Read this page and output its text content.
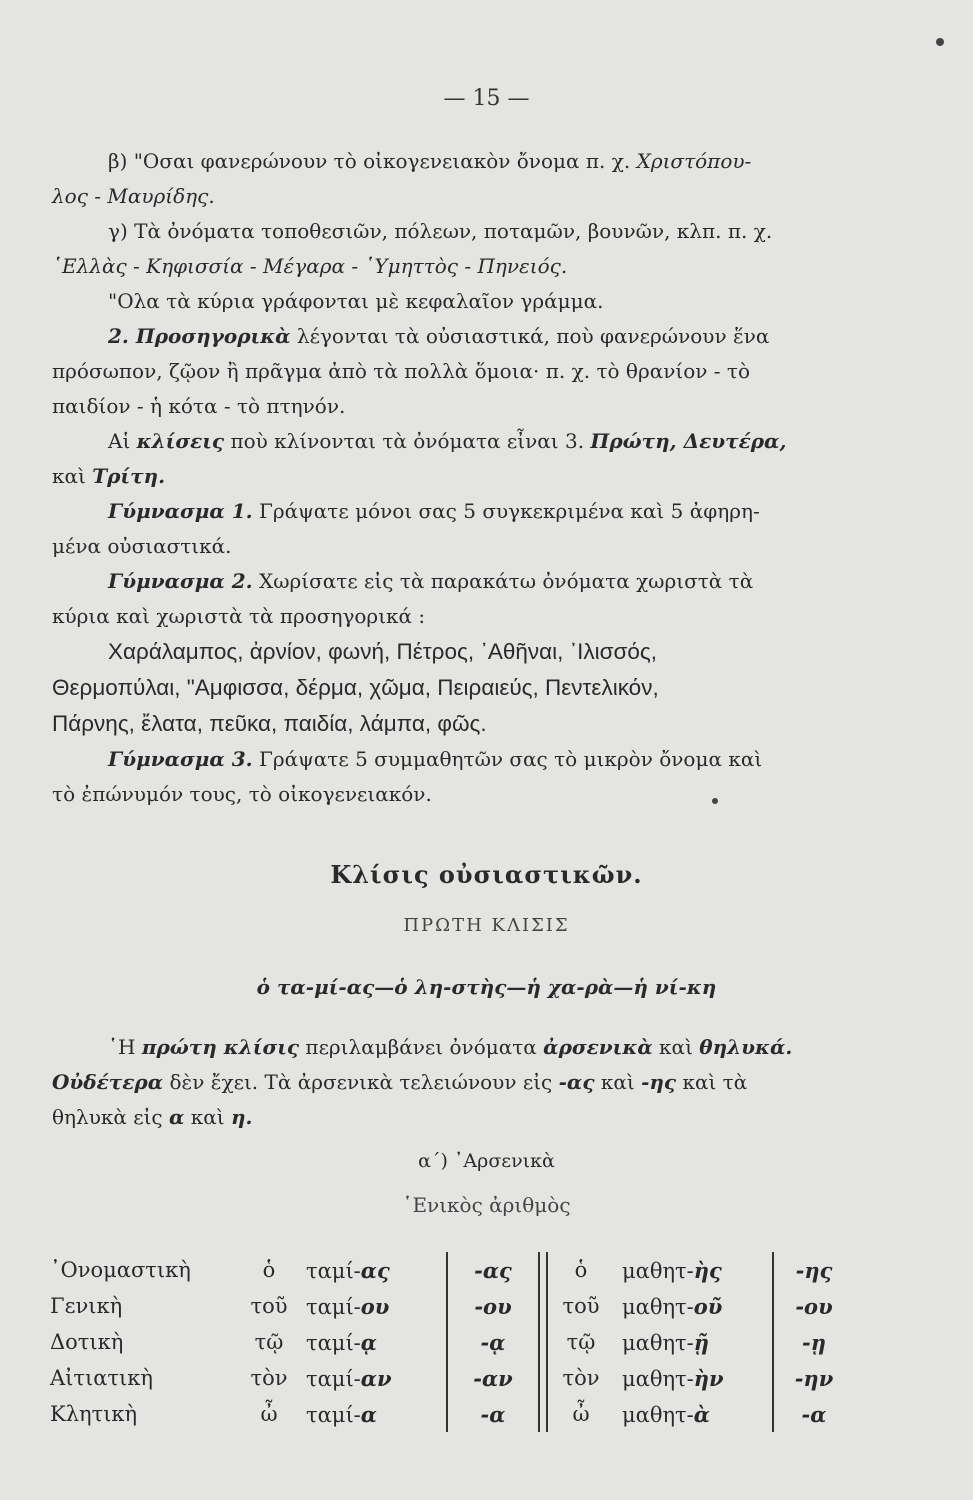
— 15 —
β) "Οσαι φανερώνουν τὸ οἰκογενειακὸν ὄνομα π. χ. Χριστόπου-
λος - Μαυρίδης.
γ) Τὰ ὀνόματα τοποθεσιῶν, πόλεων, ποταμῶν, βουνῶν, κλπ. π. χ.
῾Ελλὰς - Κηφισσία - Μέγαρα - ῾Υμηττὸς - Πηνειός.
"Ολα τὰ κύρια γράφονται μὲ κεφαλαῖον γράμμα.
2. Προσηγορικὰ λέγονται τὰ οὐσιαστικά, ποὺ φανερώνουν ἕνα
πρόσωπον, ζῷον ἢ πρᾶγμα ἀπὸ τὰ πολλὰ ὅμοια· π. χ. τὸ θρανίον - τὸ
παιδίον - ἡ κότα - τὸ πτηνόν.
Αἱ κλίσεις ποὺ κλίνονται τὰ ὀνόματα εἶναι 3. Πρώτη, Δευτέρα,
καὶ Τρίτη.
Γύμνασμα 1. Γράψατε μόνοι σας 5 συγκεκριμένα καὶ 5 ἀφηρη-
μένα οὐσιαστικά.
Γύμνασμα 2. Χωρίσατε εἰς τὰ παρακάτω ὀνόματα χωριστὰ τὰ
κύρια καὶ χωριστὰ τὰ προσηγορικά :
Χαράλαμπος, ἀρνίον, φωνή, Πέτρος, ᾿Αθῆναι, ᾿Ιλισσός,
Θερμοπύλαι, "Αμφισσα, δέρμα, χῶμα, Πειραιεύς, Πεντελικόν,
Πάρνης, ἔλατα, πεῦκα, παιδία, λάμπα, φῶς.
Γύμνασμα 3. Γράψατε 5 συμμαθητῶν σας τὸ μικρὸν ὄνομα καὶ
τὸ ἐπώνυμόν τους, τὸ οἰκογενειακόν.
Κλίσις οὐσιαστικῶν.
ΠΡΩΤΗ ΚΛΙΣΙΣ
ὁ τα-μί-ας—ὁ λη-στὴς—ἡ χα-ρὰ—ἡ νί-κη
῾Η πρώτη κλίσις περιλαμβάνει ὀνόματα ἀρσενικὰ καὶ θηλυκά.
Οὐδέτερα δὲν ἔχει. Τὰ ἀρσενικὰ τελειώνουν εἰς -ας καὶ -ης καὶ τὰ
θηλυκὰ εἰς α καὶ η.
α΄) ᾿Αρσενικὰ
῾Ενικὸς ἀριθμὸς
᾿Ονομαστικὴ	ὁ	ταμί-ας	-ας		ὁ	μαθητ-ὴς	-ης
Γενικὴ	τοῦ	ταμί-ου	-ου		τοῦ	μαθητ-οῦ	-ου
Δοτικὴ	τῷ	ταμί-ᾳ	-ᾳ		τῷ	μαθητ-ῇ	-ῃ
Αἰτιατικὴ	τὸν	ταμί-αν	-αν		τὸν	μαθητ-ὴν	-ην
Κλητικὴ	ὦ	ταμί-α	-α		ὦ	μαθητ-ὰ	-α
